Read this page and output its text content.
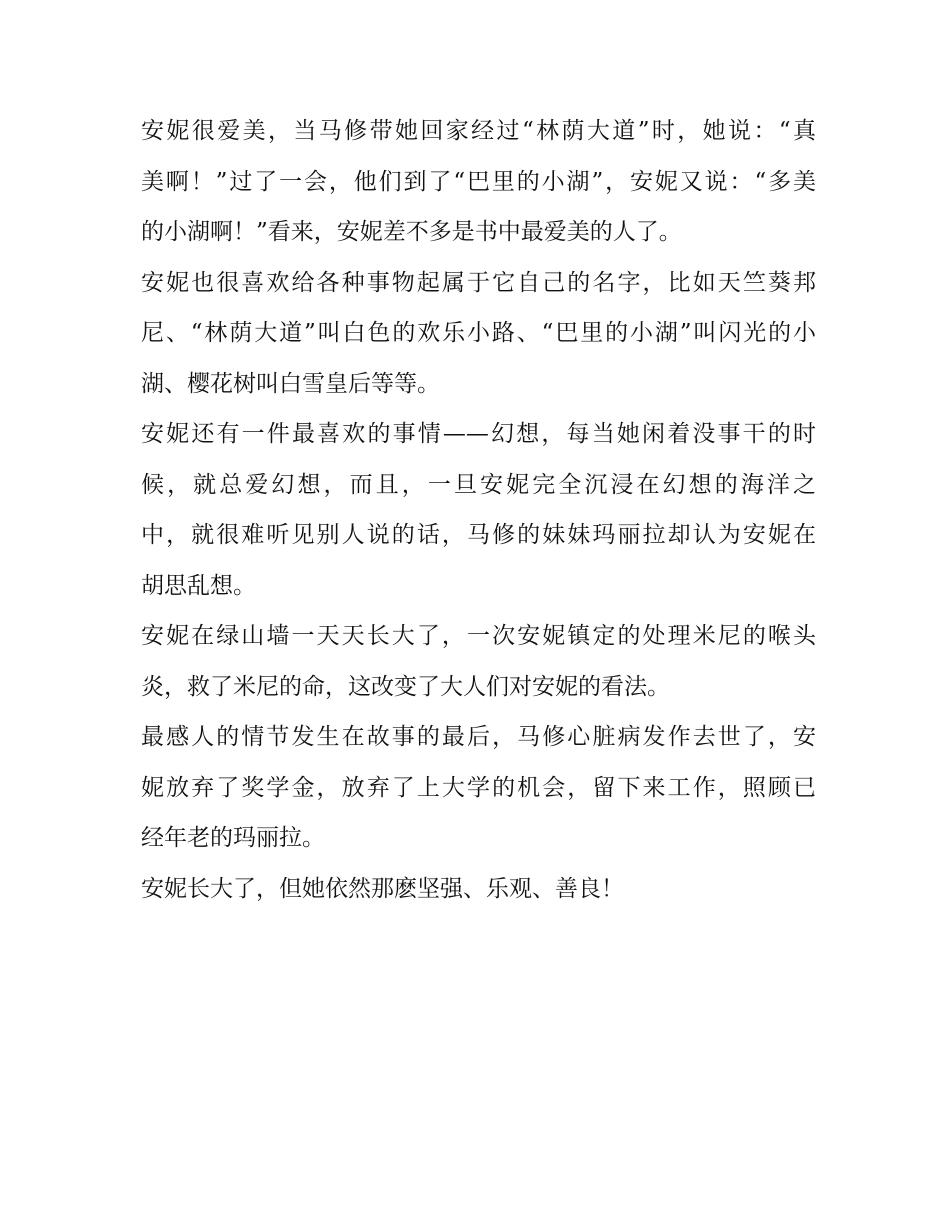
安妮很爱美，当马修带她回家经过“林荫大道”时，她说：“真
美啊！”过了一会，他们到了“巴里的小湖”，安妮又说：“多美
的小湖啊！”看来，安妮差不多是书中最爱美的人了。
安妮也很喜欢给各种事物起属于它自己的名字，比如天竺葵邦
尼、“林荫大道”叫白色的欢乐小路、“巴里的小湖”叫闪光的小
湖、樱花树叫白雪皇后等等。
安妮还有一件最喜欢的事情——幻想，每当她闲着没事干的时
候，就总爱幻想，而且，一旦安妮完全沉浸在幻想的海洋之
中，就很难听见别人说的话，马修的妹妹玛丽拉却认为安妮在
胡思乱想。
安妮在绿山墙一天天长大了，一次安妮镇定的处理米尼的喉头
炎，救了米尼的命，这改变了大人们对安妮的看法。
最感人的情节发生在故事的最后，马修心脏病发作去世了，安
妮放弃了奖学金，放弃了上大学的机会，留下来工作，照顾已
经年老的玛丽拉。
安妮长大了，但她依然那麽坚强、乐观、善良！
